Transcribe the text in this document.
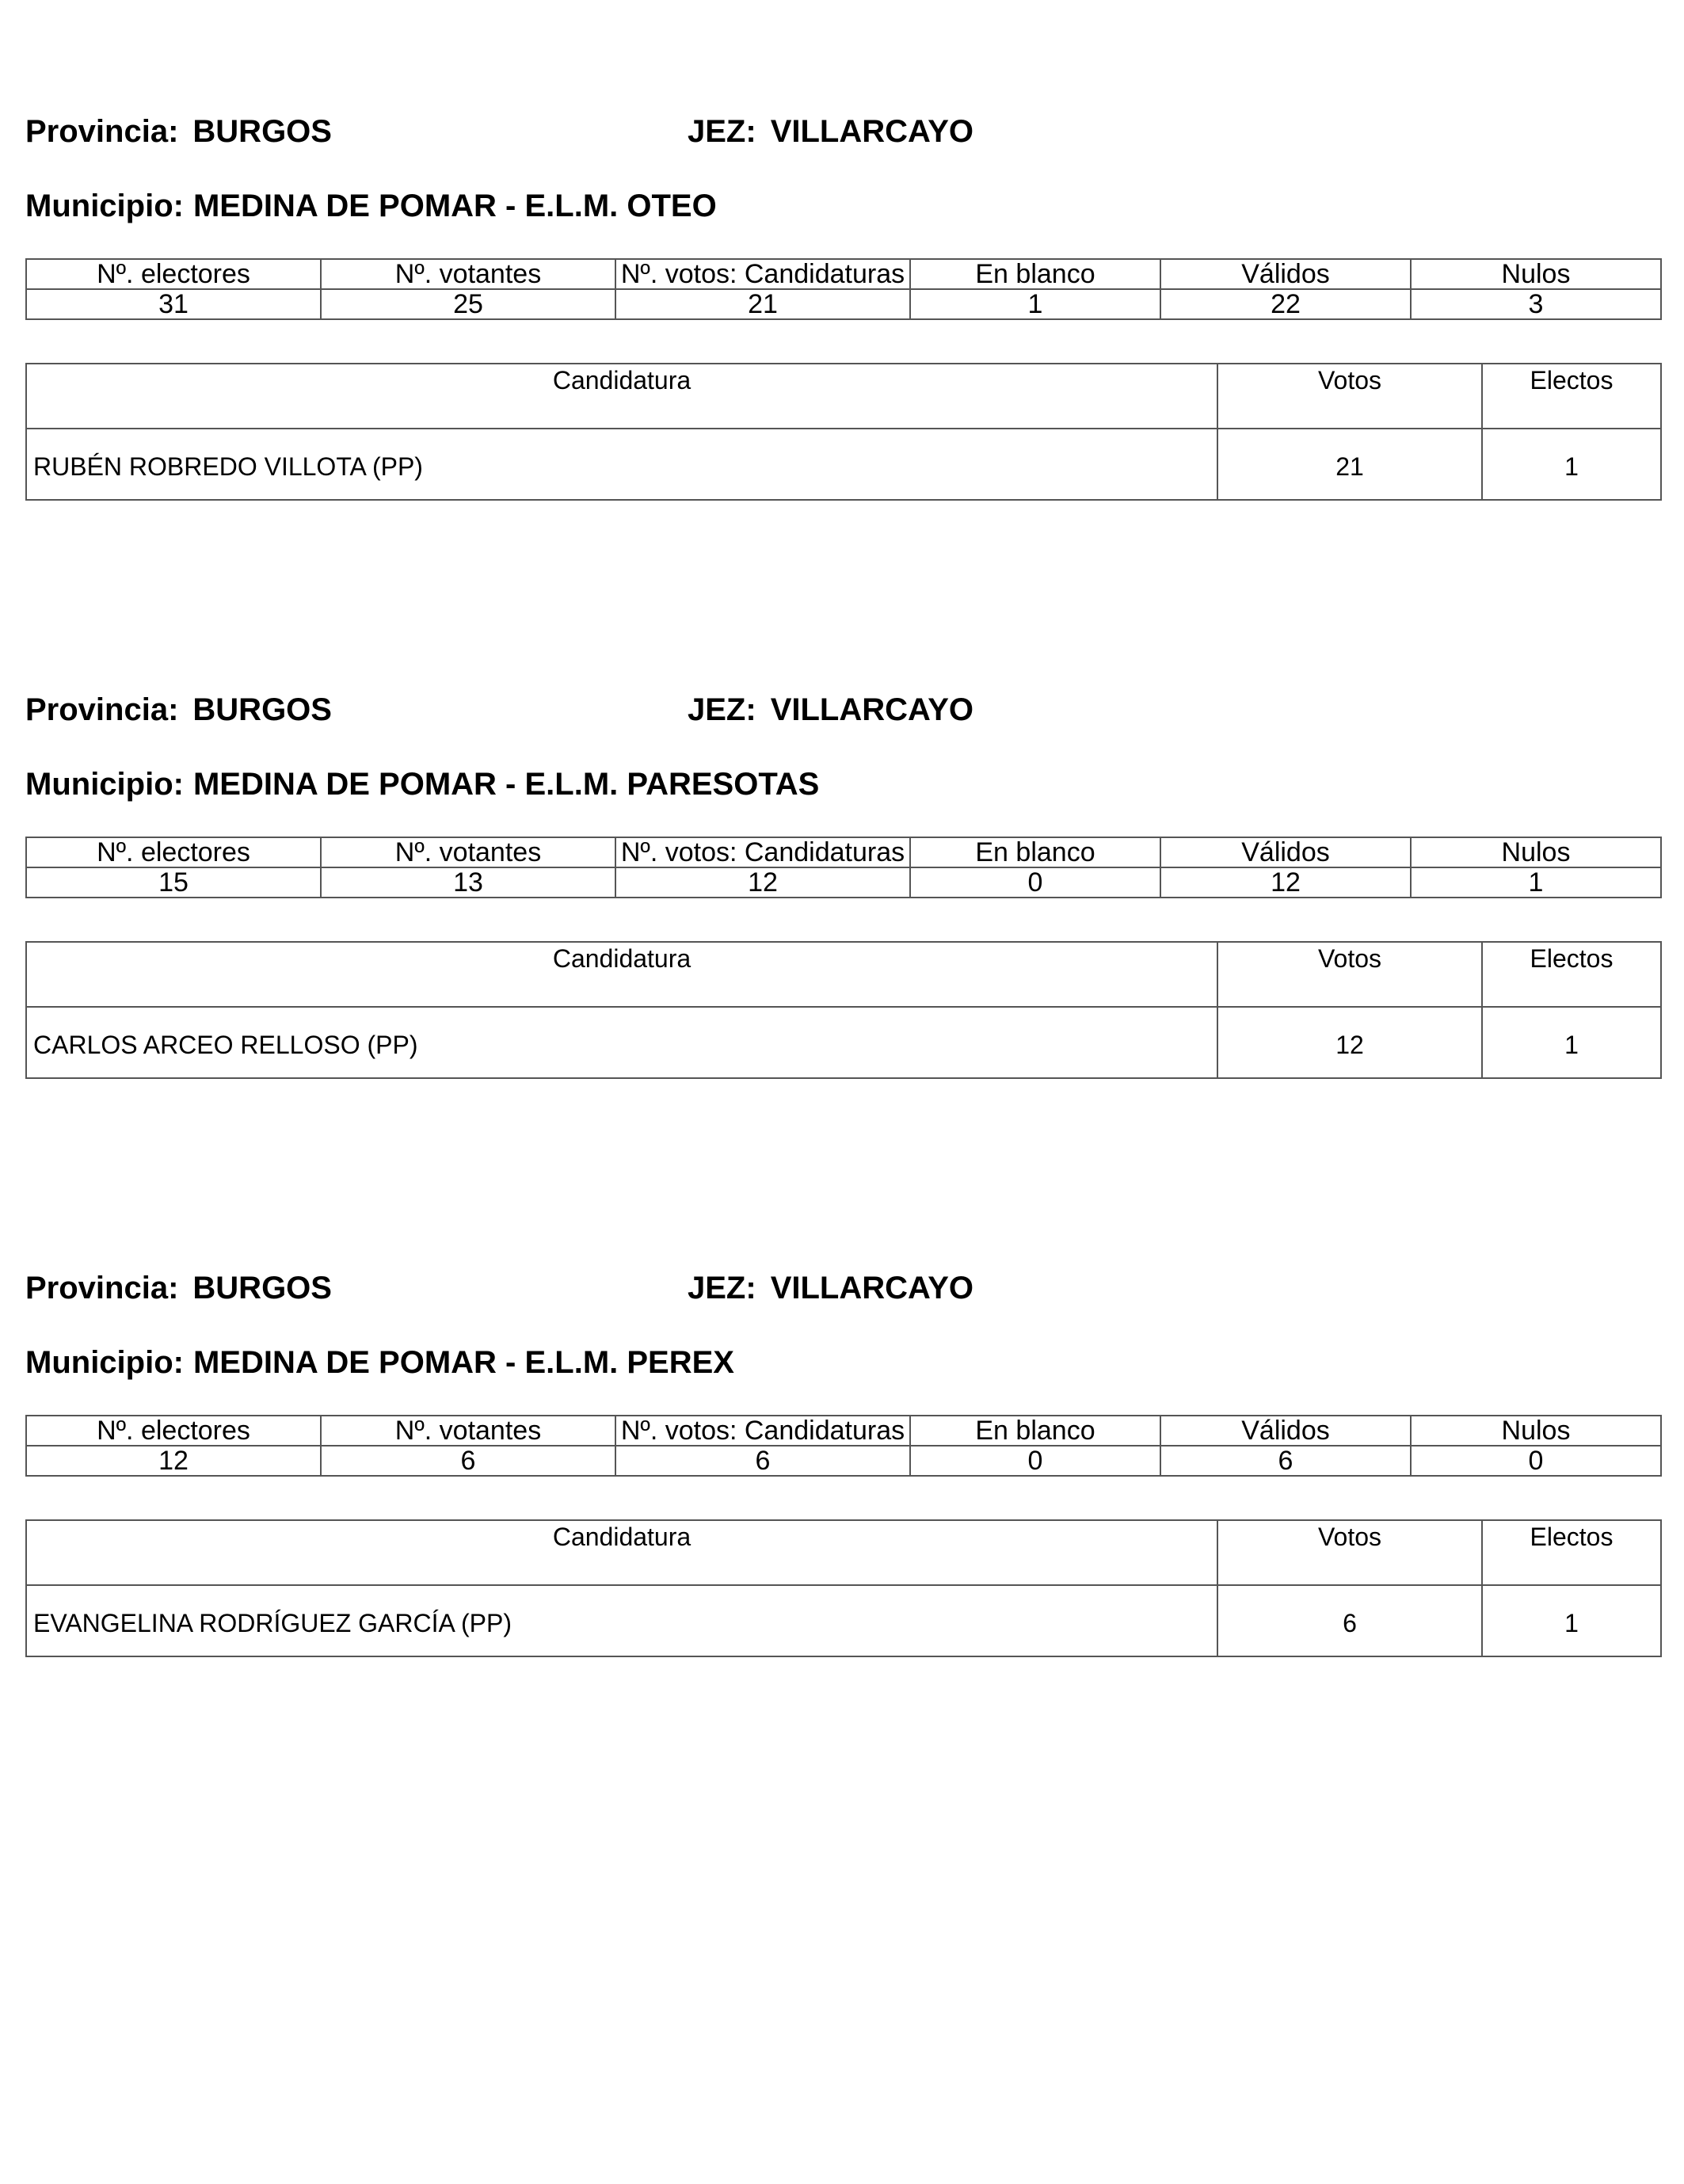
Provincia: BURGOS	JEZ: VILLARCAYO
Municipio: MEDINA DE POMAR - E.L.M. OTEO
Nº. electores	Nº. votantes	Nº. votos: Candidaturas	En blanco	Válidos	Nulos
31	25	21	1	22	3
Candidatura	Votos	Electos
RUBÉN ROBREDO VILLOTA (PP)	21	1
Provincia: BURGOS	JEZ: VILLARCAYO
Municipio: MEDINA DE POMAR - E.L.M. PARESOTAS
Nº. electores	Nº. votantes	Nº. votos: Candidaturas	En blanco	Válidos	Nulos
15	13	12	0	12	1
Candidatura	Votos	Electos
CARLOS ARCEO RELLOSO (PP)	12	1
Provincia: BURGOS	JEZ: VILLARCAYO
Municipio: MEDINA DE POMAR - E.L.M. PEREX
Nº. electores	Nº. votantes	Nº. votos: Candidaturas	En blanco	Válidos	Nulos
12	6	6	0	6	0
Candidatura	Votos	Electos
EVANGELINA RODRÍGUEZ GARCÍA (PP)	6	1
